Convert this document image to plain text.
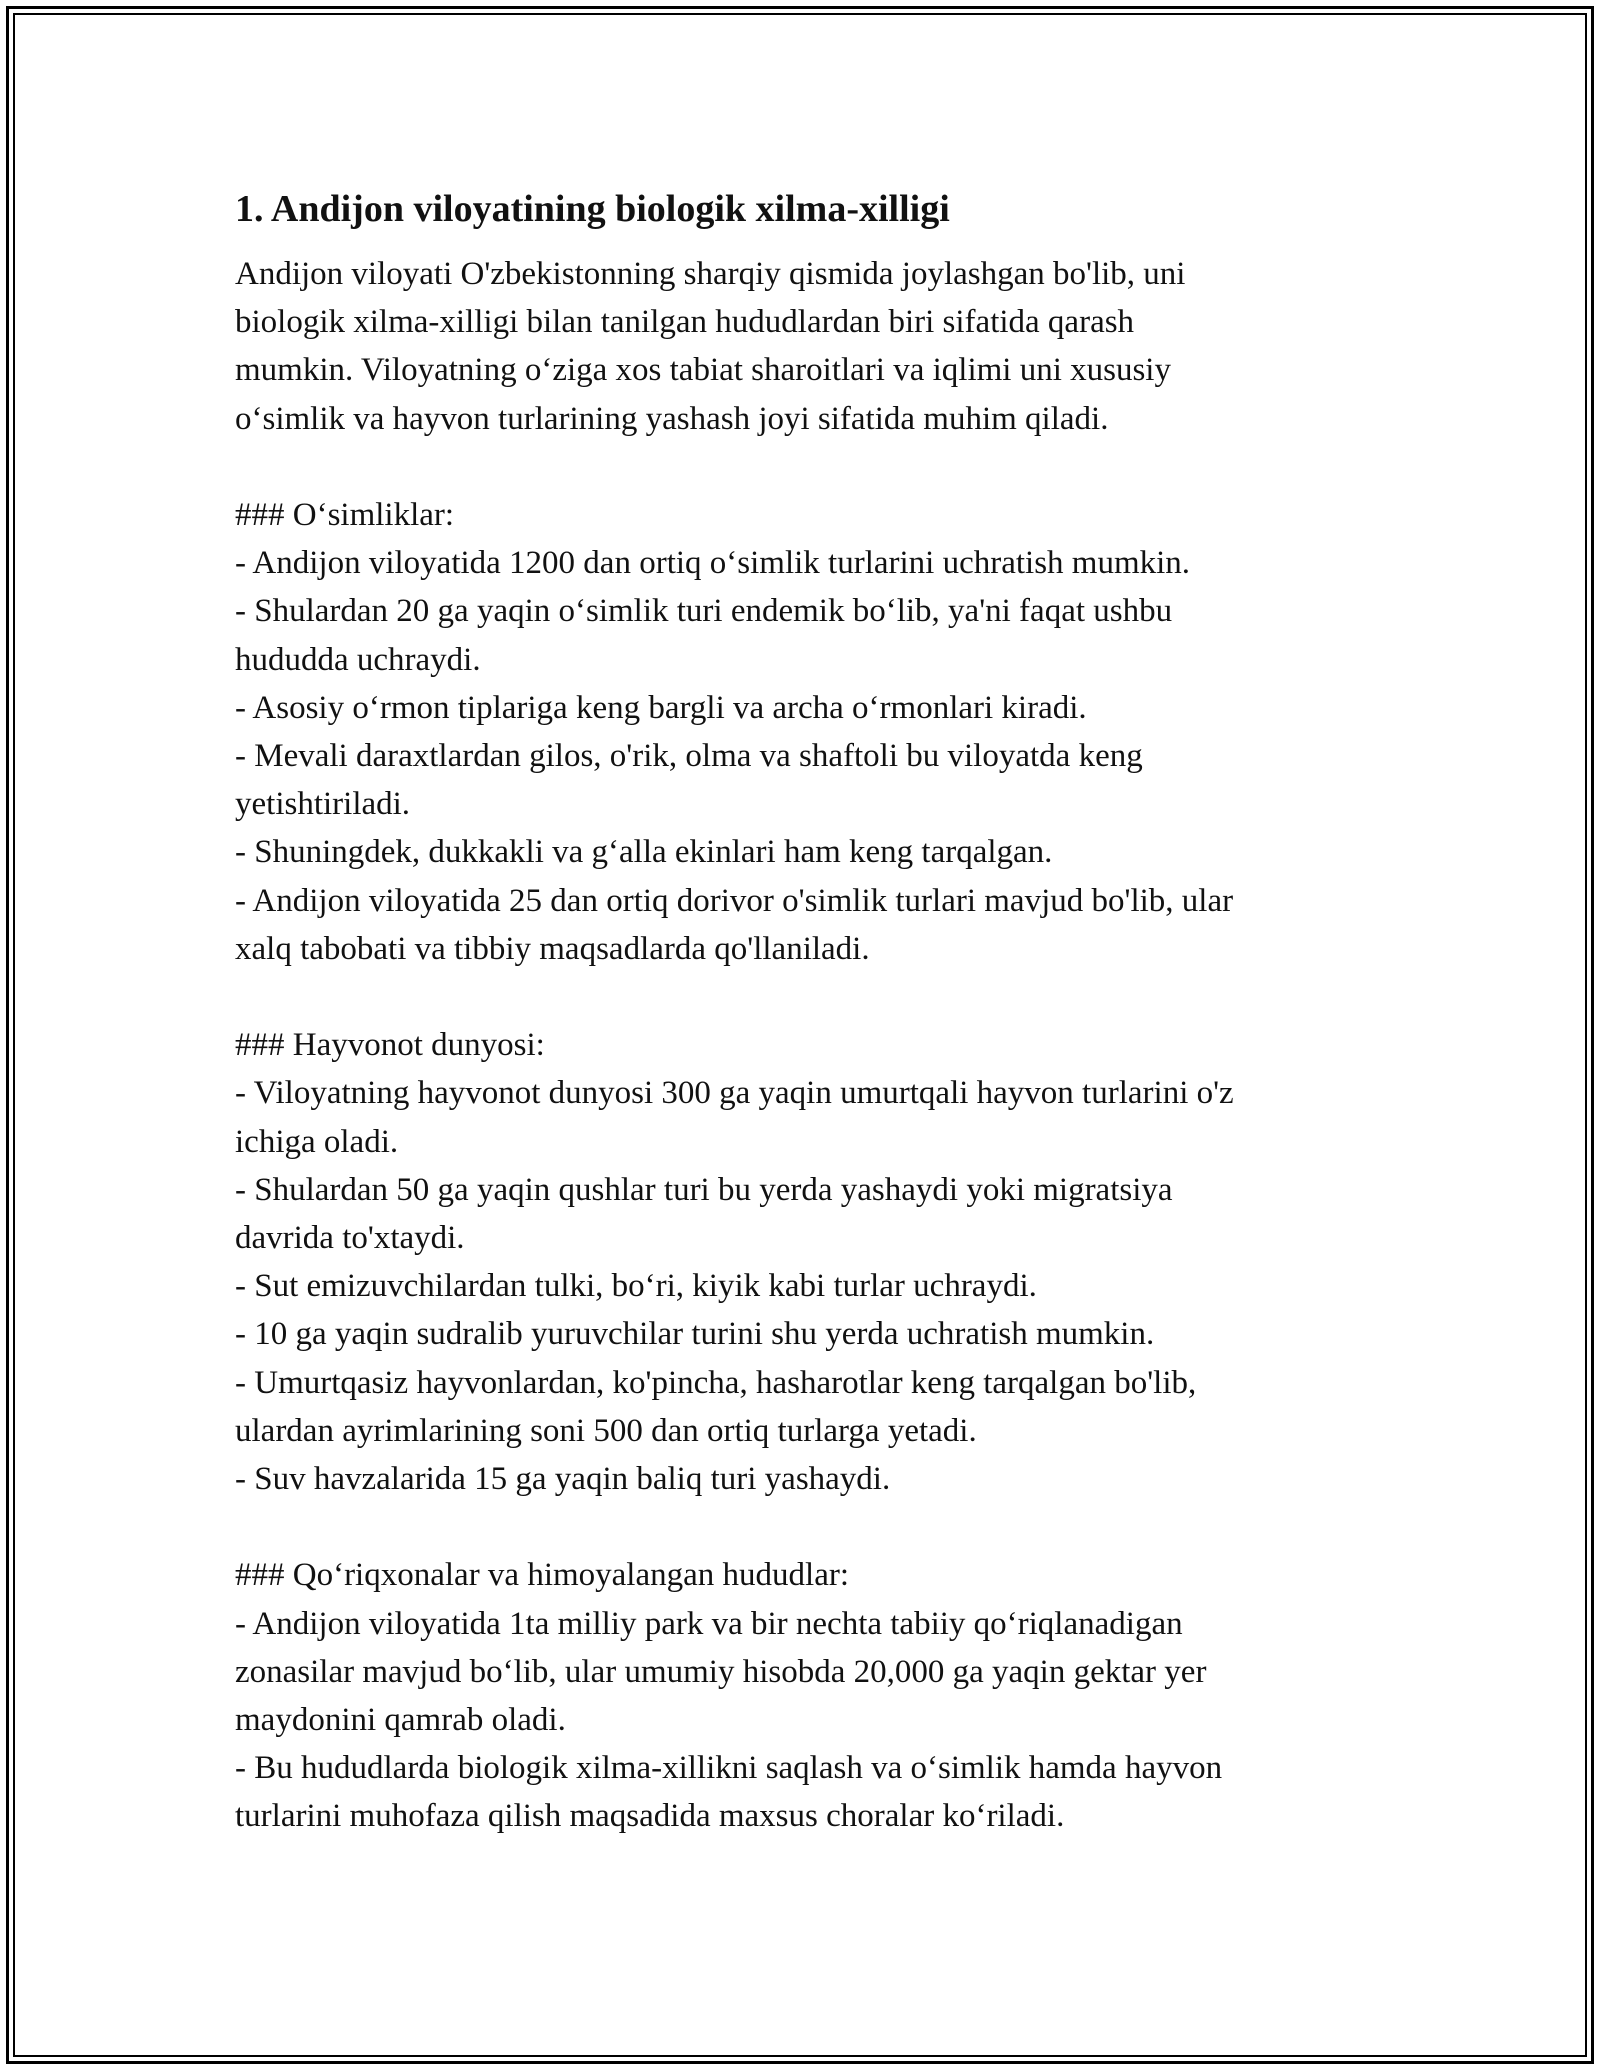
1. Andijon viloyatining biologik xilma-xilligi

Andijon viloyati O'zbekistonning sharqiy qismida joylashgan bo'lib, uni

biologik xilma-xilligi bilan tanilgan hududlardan biri sifatida qarash

mumkin. Viloyatning o‘ziga xos tabiat sharoitlari va iqlimi uni xususiy

o‘simlik va hayvon turlarining yashash joyi sifatida muhim qiladi.

### O‘simliklar:

- Andijon viloyatida 1200 dan ortiq o‘simlik turlarini uchratish mumkin.

- Shulardan 20 ga yaqin o‘simlik turi endemik bo‘lib, ya'ni faqat ushbu

hududda uchraydi.

- Asosiy o‘rmon tiplariga keng bargli va archa o‘rmonlari kiradi.

- Mevali daraxtlardan gilos, o'rik, olma va shaftoli bu viloyatda keng

yetishtiriladi.

- Shuningdek, dukkakli va g‘alla ekinlari ham keng tarqalgan.

- Andijon viloyatida 25 dan ortiq dorivor o'simlik turlari mavjud bo'lib, ular

xalq tabobati va tibbiy maqsadlarda qo'llaniladi.

### Hayvonot dunyosi:

- Viloyatning hayvonot dunyosi 300 ga yaqin umurtqali hayvon turlarini o'z

ichiga oladi.

- Shulardan 50 ga yaqin qushlar turi bu yerda yashaydi yoki migratsiya

davrida to'xtaydi.

- Sut emizuvchilardan tulki, bo‘ri, kiyik kabi turlar uchraydi.

- 10 ga yaqin sudralib yuruvchilar turini shu yerda uchratish mumkin.

- Umurtqasiz hayvonlardan, ko'pincha, hasharotlar keng tarqalgan bo'lib,

ulardan ayrimlarining soni 500 dan ortiq turlarga yetadi.

- Suv havzalarida 15 ga yaqin baliq turi yashaydi.

### Qo‘riqxonalar va himoyalangan hududlar:

- Andijon viloyatida 1ta milliy park va bir nechta tabiiy qo‘riqlanadigan

zonasilar mavjud bo‘lib, ular umumiy hisobda 20,000 ga yaqin gektar yer

maydonini qamrab oladi.

- Bu hududlarda biologik xilma-xillikni saqlash va o‘simlik hamda hayvon

turlarini muhofaza qilish maqsadida maxsus choralar ko‘riladi.
